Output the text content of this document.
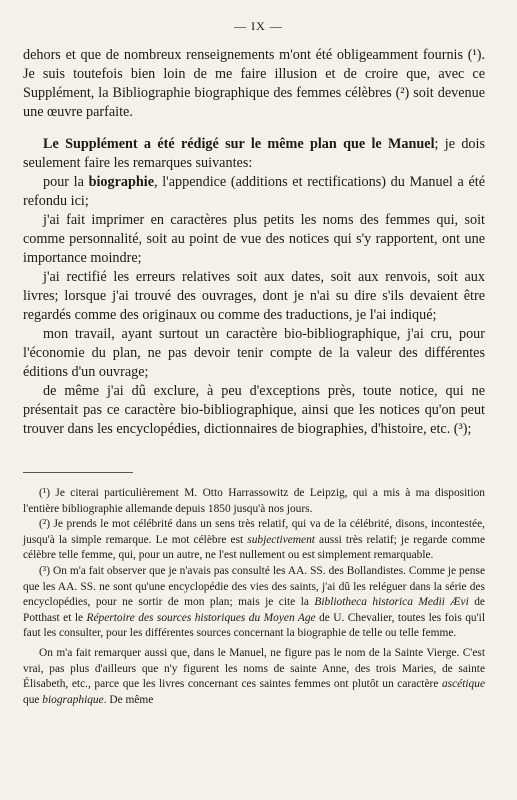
— IX —

dehors et que de nombreux renseignements m'ont été obligeamment fournis (¹). Je suis toutefois bien loin de me faire illusion et de croire que, avec ce Supplément, la Bibliographie biographique des femmes célèbres (²) soit devenue une œuvre parfaite.

Le Supplément a été rédigé sur le même plan que le Manuel; je dois seulement faire les remarques suivantes:

pour la biographie, l'appendice (additions et rectifications) du Manuel a été refondu ici;

j'ai fait imprimer en caractères plus petits les noms des femmes qui, soit comme personnalité, soit au point de vue des notices qui s'y rapportent, ont une importance moindre;

j'ai rectifié les erreurs relatives soit aux dates, soit aux renvois, soit aux livres; lorsque j'ai trouvé des ouvrages, dont je n'ai su dire s'ils devaient être regardés comme des originaux ou comme des traductions, je l'ai indiqué;

mon travail, ayant surtout un caractère bio-bibliographique, j'ai cru, pour l'économie du plan, ne pas devoir tenir compte de la valeur des différentes éditions d'un ouvrage;

de même j'ai dû exclure, à peu d'exceptions près, toute notice, qui ne présentait pas ce caractère bio-bibliographique, ainsi que les notices qu'on peut trouver dans les encyclopédies, dictionnaires de biographies, d'histoire, etc. (³);

(¹) Je citerai particulièrement M. Otto Harrassowitz de Leipzig, qui a mis à ma disposition l'entière bibliographie allemande depuis 1850 jusqu'à nos jours.

(²) Je prends le mot célébrité dans un sens très relatif, qui va de la célébrité, disons, incontestée, jusqu'à la simple remarque. Le mot célèbre est subjectivement aussi très relatif; je regarde comme célèbre telle femme, qui, pour un autre, ne l'est nullement ou est simplement remarquable.

(³) On m'a fait observer que je n'avais pas consulté les AA. SS. des Bollandistes. Comme je pense que les AA. SS. ne sont qu'une encyclopédie des vies des saints, j'ai dû les reléguer dans la série des encyclopédies, pour ne sortir de mon plan; mais je cite la Bibliotheca historica Medii Ævi de Potthast et le Répertoire des sources historiques du Moyen Age de U. Chevalier, toutes les fois qu'il faut les consulter, pour les différentes sources concernant la biographie de telle ou telle femme.

On m'a fait remarquer aussi que, dans le Manuel, ne figure pas le nom de la Sainte Vierge. C'est vrai, pas plus d'ailleurs que n'y figurent les noms de sainte Anne, des trois Maries, de sainte Élisabeth, etc., parce que les livres concernant ces saintes femmes ont plutôt un caractère ascétique que biographique. De même
